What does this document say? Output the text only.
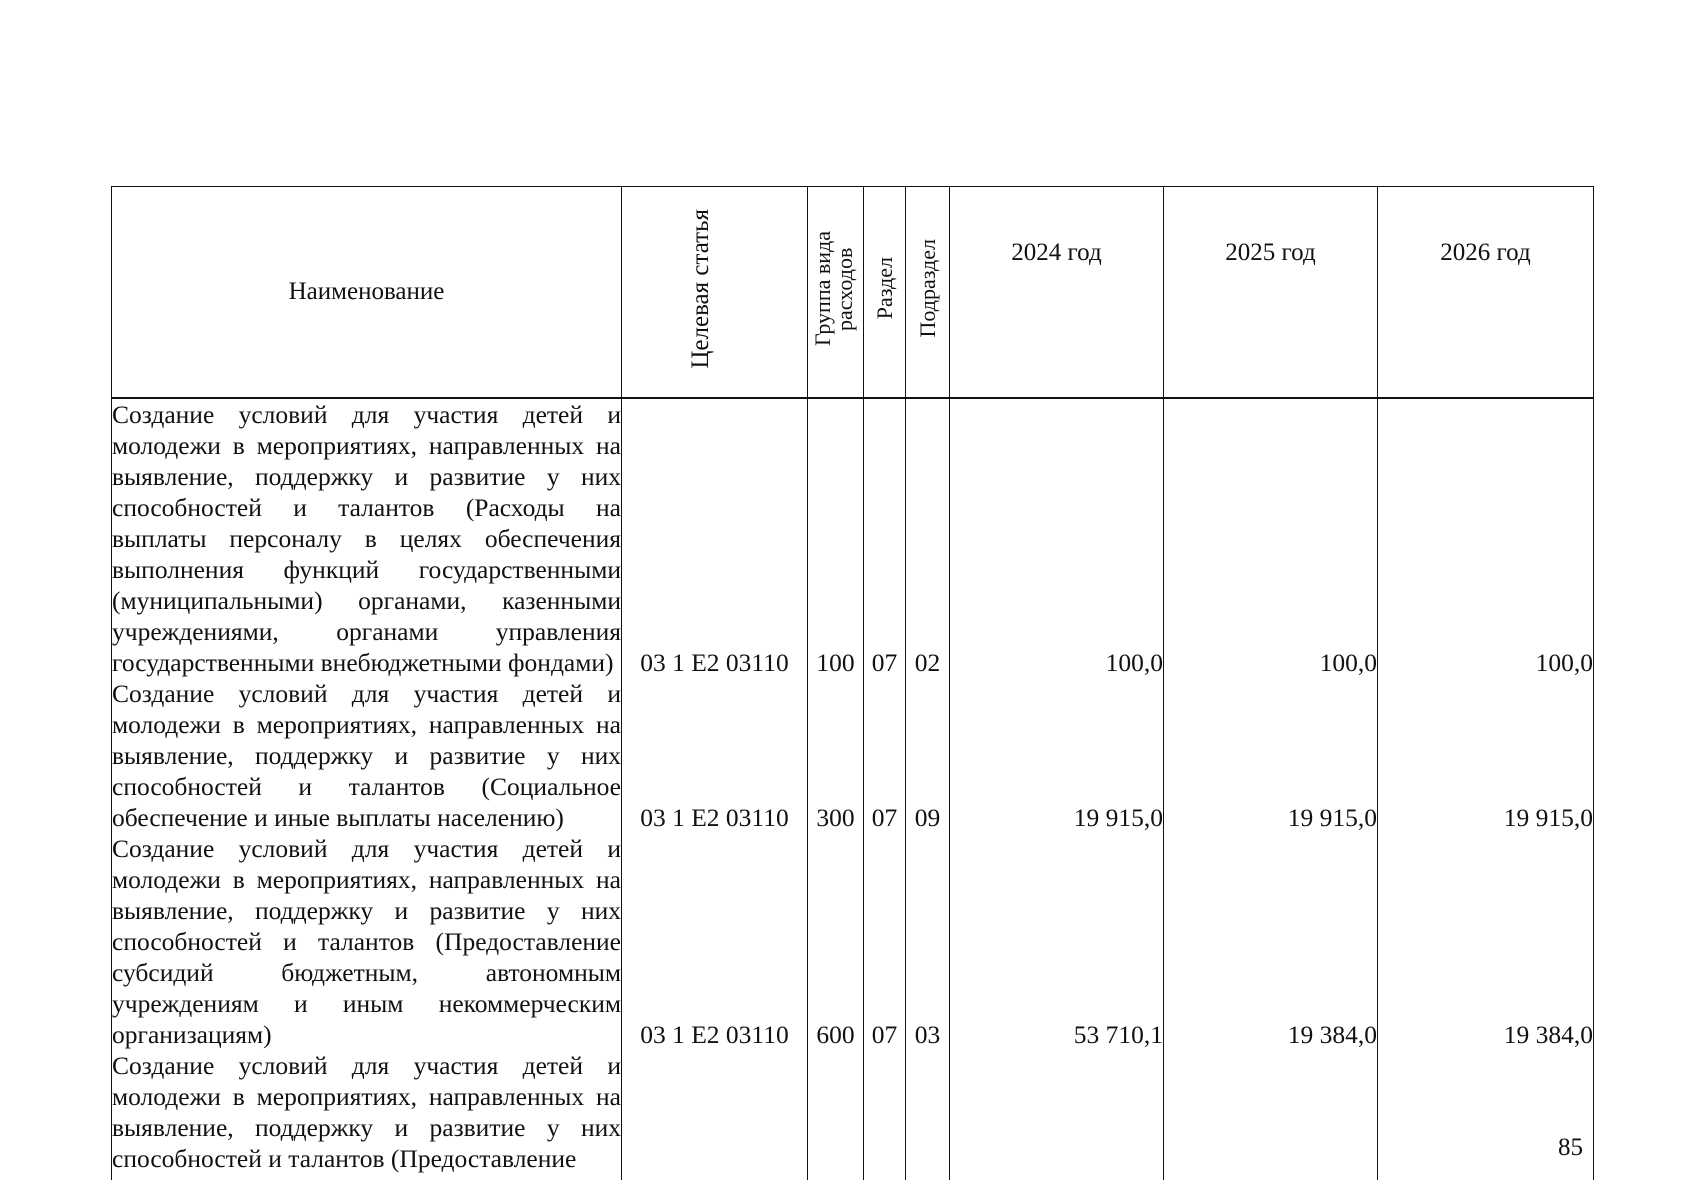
Наименование	Целевая статья	Группа вида расходов	Раздел	Подраздел	2024 год	2025 год	2026 год
Создание условий для участия детей и молодежи в мероприятиях, направленных на выявление, поддержку и развитие у них способностей и талантов (Расходы на выплаты персоналу в целях обеспечения выполнения функций государственными (муниципальными) органами, казенными учреждениями, органами управления государственными внебюджетными фондами)	03 1 Е2 03110	100	07	02	100,0	100,0	100,0
Создание условий для участия детей и молодежи в мероприятиях, направленных на выявление, поддержку и развитие у них способностей и талантов (Социальное обеспечение и иные выплаты населению)	03 1 Е2 03110	300	07	09	19 915,0	19 915,0	19 915,0
Создание условий для участия детей и молодежи в мероприятиях, направленных на выявление, поддержку и развитие у них способностей и талантов (Предоставление субсидий бюджетным, автономным учреждениям и иным некоммерческим организациям)	03 1 Е2 03110	600	07	03	53 710,1	19 384,0	19 384,0
Создание условий для участия детей и молодежи в мероприятиях, направленных на выявление, поддержку и развитие у них способностей и талантов (Предоставление								85
